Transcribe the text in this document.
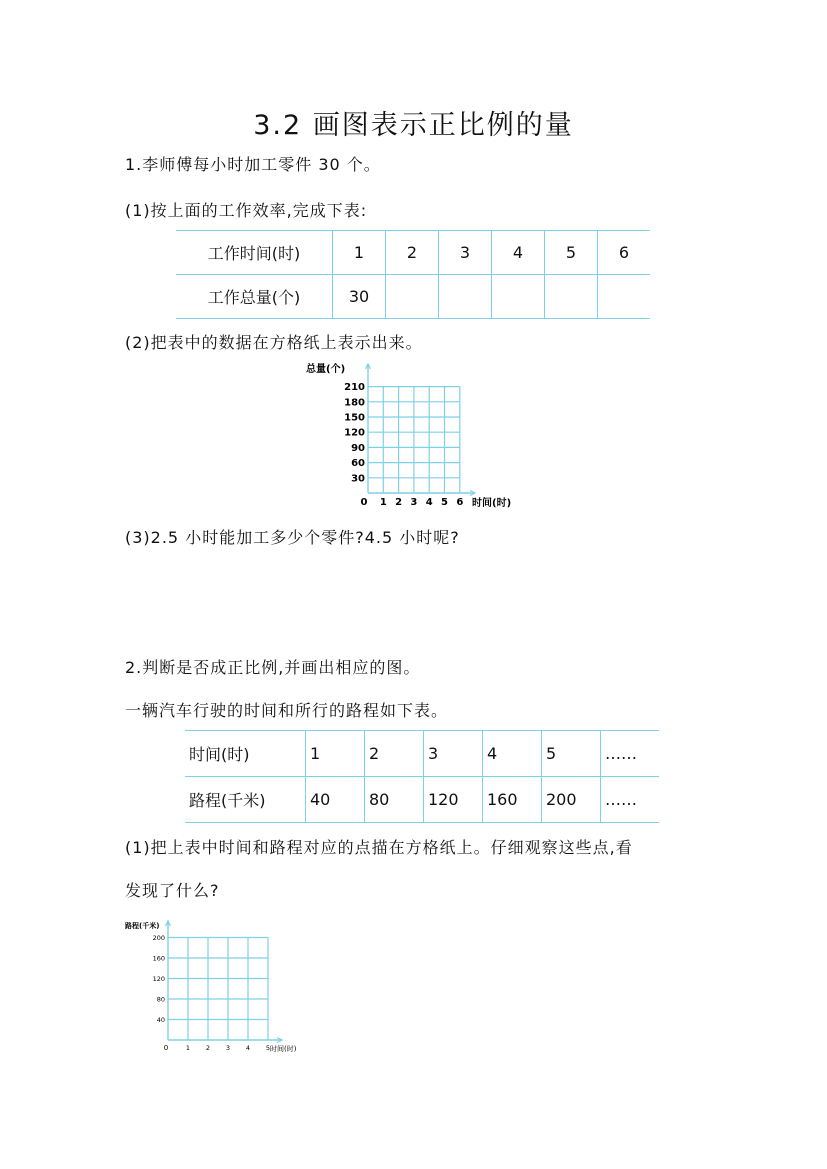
3.2 画图表示正比例的量
1.李师傅每小时加工零件 30 个。
(1)按上面的工作效率,完成下表:
工作时间(时)	1	2	3	4	5	6
工作总量(个)	30					
(2)把表中的数据在方格纸上表示出来。
总量(个)
时间(时)
0 1 2 3 4 5 6
30
60
90
120
150
180
210
(3)2.5 小时能加工多少个零件?4.5 小时呢?
2.判断是否成正比例,并画出相应的图。
一辆汽车行驶的时间和所行的路程如下表。
时间(时)	1	2	3	4	5	……
路程(千米)	40	80	120	160	200	……
(1)把上表中时间和路程对应的点描在方格纸上。仔细观察这些点,看
发现了什么?
路程(千米)
时间(时)
0	1 2 3 4 5
40
80
120
160
200
